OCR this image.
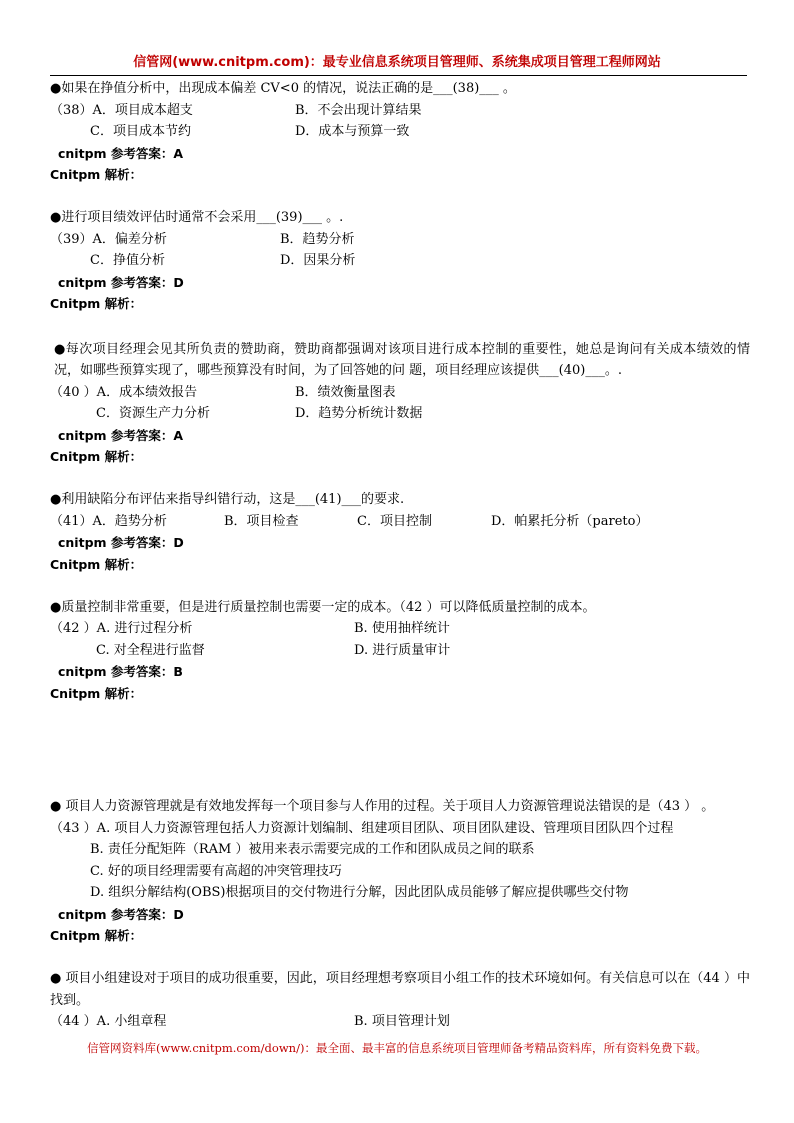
信管网(www.cnitpm.com)：最专业信息系统项目管理师、系统集成项目管理工程师网站
●如果在挣值分析中，出现成本偏差 CV<0 的情况，说法正确的是___(38)___ 。
（38）A．项目成本超支	B．不会出现计算结果
C．项目成本节约	D．成本与预算一致
cnitpm 参考答案：A
Cnitpm 解析：
●进行项目绩效评估时通常不会采用___(39)___ 。.
（39）A．偏差分析	B．趋势分析
C．挣值分析	D．因果分析
cnitpm 参考答案：D
Cnitpm 解析：
●每次项目经理会见其所负责的赞助商，赞助商都强调对该项目进行成本控制的重要性，她总是询问有关成本绩效的情况，如哪些预算实现了，哪些预算没有时间，为了回答她的问 题，项目经理应该提供___(40)___。.
（40 ）A．成本绩效报告	B．绩效衡量图表
C．资源生产力分析	D．趋势分析统计数据
cnitpm 参考答案：A
Cnitpm 解析：
●利用缺陷分布评估来指导纠错行动，这是___(41)___的要求.
（41）A．趋势分析	B．项目检查	C．项目控制	D．帕累托分析（pareto）
cnitpm 参考答案：D
Cnitpm 解析：
●质量控制非常重要，但是进行质量控制也需要一定的成本。（42 ）可以降低质量控制的成本。
（42 ）A. 进行过程分析	B. 使用抽样统计
C. 对全程进行监督	D. 进行质量审计
cnitpm 参考答案：B
Cnitpm 解析：
● 项目人力资源管理就是有效地发挥每一个项目参与人作用的过程。关于项目人力资源管理说法错误的是（43 ） 。
（43 ）A. 项目人力资源管理包括人力资源计划编制、组建项目团队、项目团队建设、管理项目团队四个过程
B. 责任分配矩阵（RAM ）被用来表示需要完成的工作和团队成员之间的联系
C. 好的项目经理需要有高超的冲突管理技巧
D. 组织分解结构(OBS)根据项目的交付物进行分解，因此团队成员能够了解应提供哪些交付物
cnitpm 参考答案：D
Cnitpm 解析：
● 项目小组建设对于项目的成功很重要，因此，项目经理想考察项目小组工作的技术环境如何。有关信息可以在（44 ）中找到。
（44 ）A. 小组章程	B. 项目管理计划
信管网资料库(www.cnitpm.com/down/)：最全面、最丰富的信息系统项目管理师备考精品资料库，所有资料免费下载。
